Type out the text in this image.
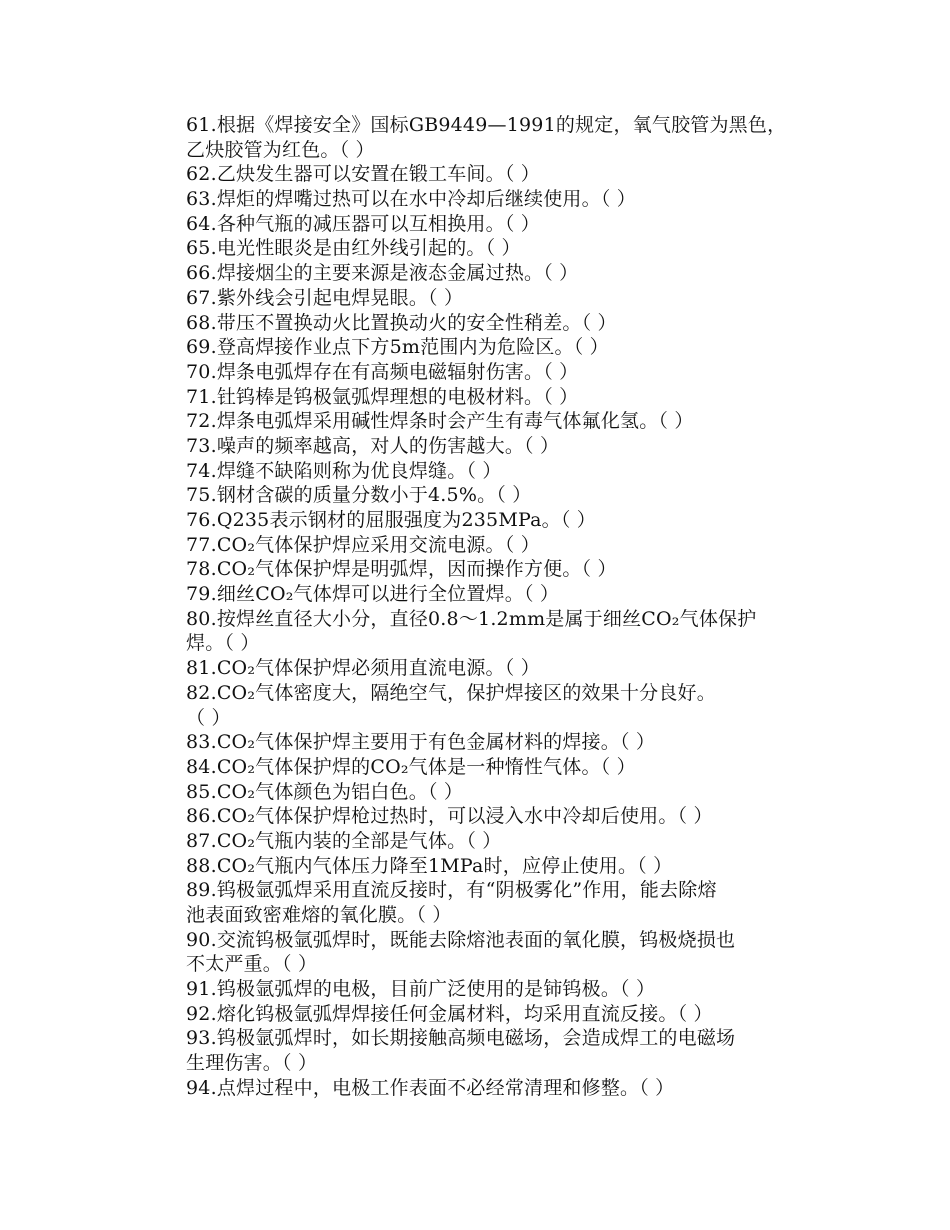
61.根据《焊接安全》国标GB9449—1991的规定，氧气胶管为黑色，
乙炔胶管为红色。（ ）
62.乙炔发生器可以安置在锻工车间。（ ）
63.焊炬的焊嘴过热可以在水中冷却后继续使用。（ ）
64.各种气瓶的减压器可以互相换用。（ ）
65.电光性眼炎是由红外线引起的。（ ）
66.焊接烟尘的主要来源是液态金属过热。（ ）
67.紫外线会引起电焊晃眼。（ ）
68.带压不置换动火比置换动火的安全性稍差。（ ）
69.登高焊接作业点下方5m范围内为危险区。（ ）
70.焊条电弧焊存在有高频电磁辐射伤害。（ ）
71.钍钨棒是钨极氩弧焊理想的电极材料。（ ）
72.焊条电弧焊采用碱性焊条时会产生有毒气体氟化氢。（ ）
73.噪声的频率越高，对人的伤害越大。（ ）
74.焊缝不缺陷则称为优良焊缝。（ ）
75.钢材含碳的质量分数小于4.5%。（ ）
76.Q235表示钢材的屈服强度为235MPa。（ ）
77.CO₂气体保护焊应采用交流电源。（ ）
78.CO₂气体保护焊是明弧焊，因而操作方便。（ ）
79.细丝CO₂气体焊可以进行全位置焊。（ ）
80.按焊丝直径大小分，直径0.8～1.2mm是属于细丝CO₂气体保护
焊。（ ）
81.CO₂气体保护焊必须用直流电源。（ ）
82.CO₂气体密度大，隔绝空气，保护焊接区的效果十分良好。
（ ）
83.CO₂气体保护焊主要用于有色金属材料的焊接。（ ）
84.CO₂气体保护焊的CO₂气体是一种惰性气体。（ ）
85.CO₂气体颜色为铝白色。（ ）
86.CO₂气体保护焊枪过热时，可以浸入水中冷却后使用。（ ）
87.CO₂气瓶内装的全部是气体。（ ）
88.CO₂气瓶内气体压力降至1MPa时，应停止使用。（ ）
89.钨极氩弧焊采用直流反接时，有“阴极雾化”作用，能去除熔
池表面致密难熔的氧化膜。（ ）
90.交流钨极氩弧焊时，既能去除熔池表面的氧化膜，钨极烧损也
不太严重。（ ）
91.钨极氩弧焊的电极，目前广泛使用的是铈钨极。（ ）
92.熔化钨极氩弧焊焊接任何金属材料，均采用直流反接。（ ）
93.钨极氩弧焊时，如长期接触高频电磁场，会造成焊工的电磁场
生理伤害。（ ）
94.点焊过程中，电极工作表面不必经常清理和修整。（ ）
